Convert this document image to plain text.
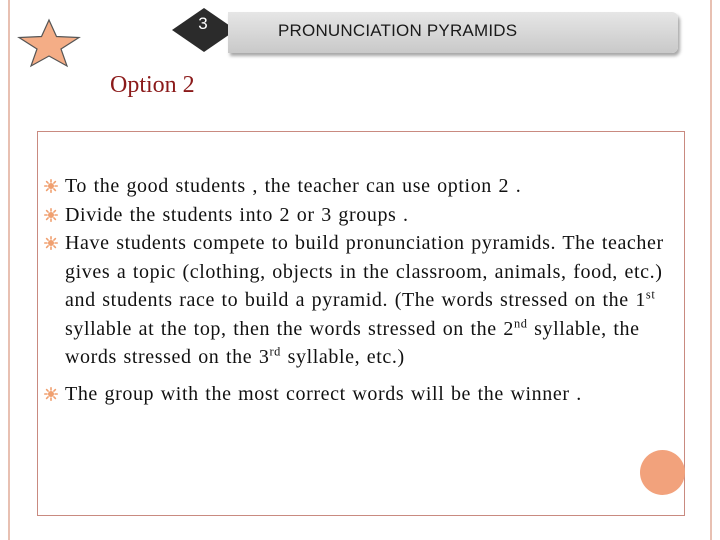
3	PRONUNCIATION PYRAMIDS
Option 2
To the good students , the teacher can use option 2 .
Divide the students into 2 or 3 groups .
Have students compete to build pronunciation pyramids. The teacher gives a topic (clothing, objects in the classroom, animals, food, etc.) and students race to build a pyramid. (The words stressed on the 1st syllable at the top, then the words stressed on the 2nd syllable, the words stressed on the 3rd syllable, etc.)
The group with the most correct words will be the winner .
